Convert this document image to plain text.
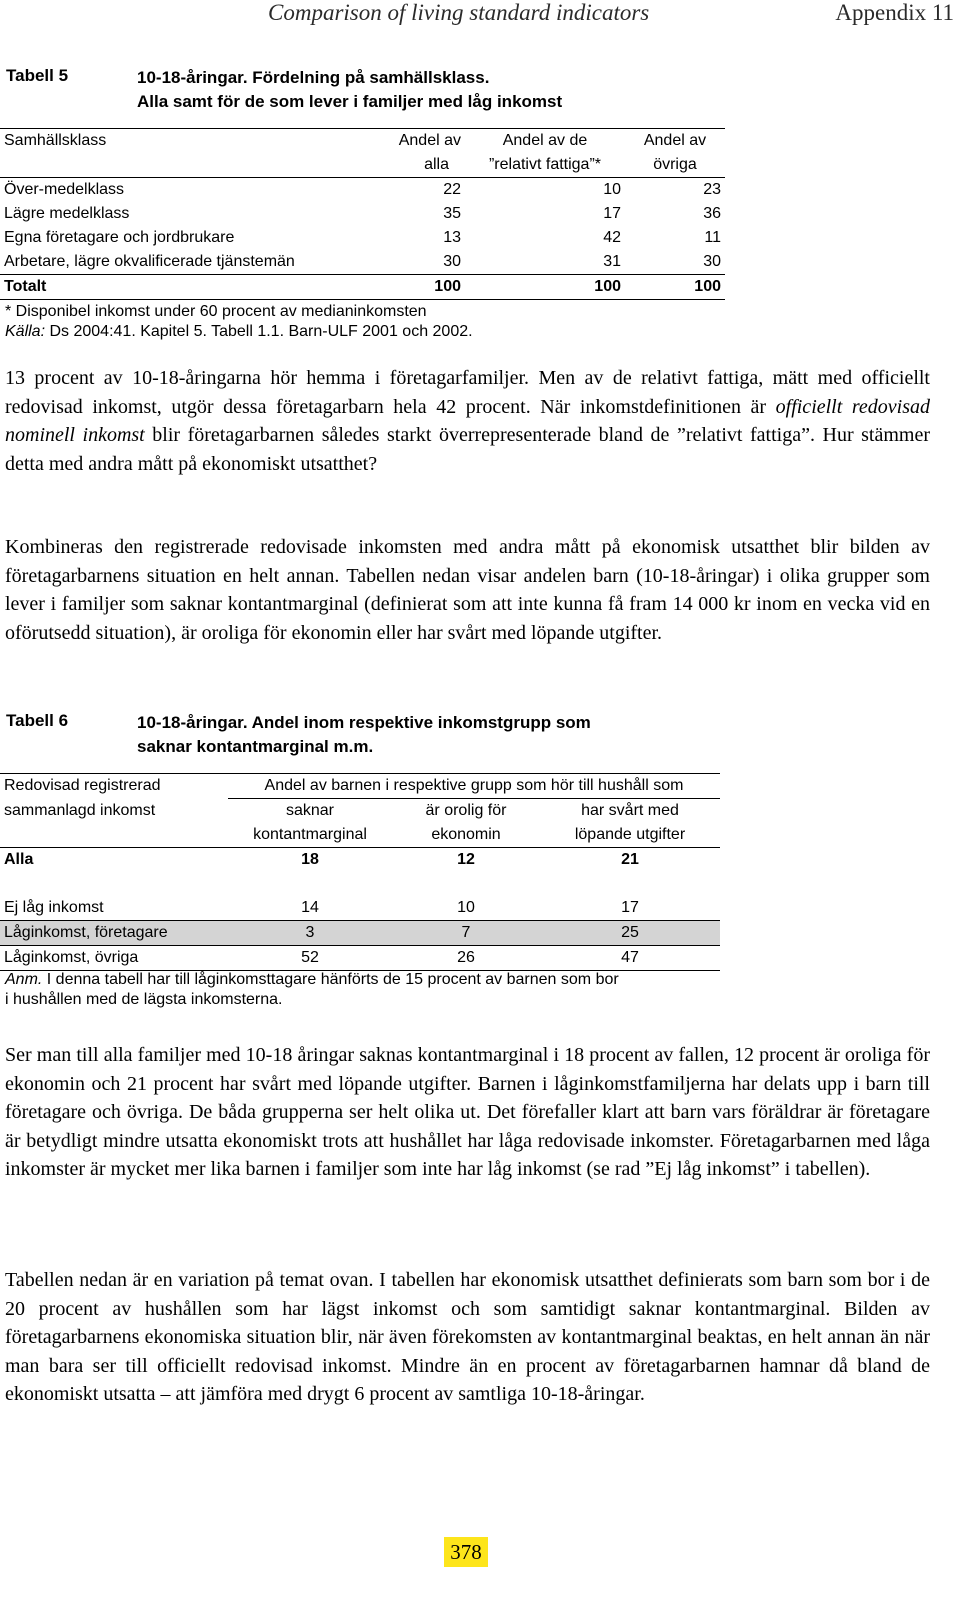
Comparison of living standard indicators	Appendix 11
Tabell 5	10-18-åringar. Fördelning på samhällsklass.
Alla samt för de som lever i familjer med låg inkomst
Samhällsklass	Andel av	Andel av de	Andel av
	alla	”relativt fattiga”*	övriga
Över-medelklass	22	10	23
Lägre medelklass	35	17	36
Egna företagare och jordbrukare	13	42	11
Arbetare, lägre okvalificerade tjänstemän	30	31	30
Totalt	100	100	100
* Disponibel inkomst under 60 procent av medianinkomsten
Källa: Ds 2004:41. Kapitel 5. Tabell 1.1. Barn-ULF 2001 och 2002.
13 procent av 10-18-åringarna hör hemma i företagarfamiljer. Men av de relativt fattiga, mätt med officiellt redovisad inkomst, utgör dessa företagarbarn hela 42 procent. När inkomstdefinitionen är officiellt redovisad nominell inkomst blir företagarbarnen således starkt överrepresenterade bland de ”relativt fattiga”. Hur stämmer detta med andra mått på ekonomiskt utsatthet?
Kombineras den registrerade redovisade inkomsten med andra mått på ekonomisk utsatthet blir bilden av företagarbarnens situation en helt annan. Tabellen nedan visar andelen barn (10-18-åringar) i olika grupper som lever i familjer som saknar kontantmarginal (definierat som att inte kunna få fram 14 000 kr inom en vecka vid en oförutsedd situation), är oroliga för ekonomin eller har svårt med löpande utgifter.
Tabell 6	10-18-åringar. Andel inom respektive inkomstgrupp som
saknar kontantmarginal m.m.
Redovisad registrerad	Andel av barnen i respektive grupp som hör till hushåll som		
sammanlagd inkomst	saknar	är orolig för	har svårt med
	kontantmarginal	ekonomin	löpande utgifter
Alla	18	12	21

Ej låg inkomst	14	10	17
Låginkomst, företagare	3	7	25
Låginkomst, övriga	52	26	47
Anm. I denna tabell har till låginkomsttagare hänförts de 15 procent av barnen som bor
i hushållen med de lägsta inkomsterna.
Ser man till alla familjer med 10-18 åringar saknas kontantmarginal i 18 procent av fallen, 12 procent är oroliga för ekonomin och 21 procent har svårt med löpande utgifter. Barnen i låginkomstfamiljerna har delats upp i barn till företagare och övriga. De båda grupperna ser helt olika ut. Det förefaller klart att barn vars föräldrar är företagare är betydligt mindre utsatta ekonomiskt trots att hushållet har låga redovisade inkomster. Företagarbarnen med låga inkomster är mycket mer lika barnen i familjer som inte har låg inkomst (se rad ”Ej låg inkomst” i tabellen).
Tabellen nedan är en variation på temat ovan. I tabellen har ekonomisk utsatthet definierats som barn som bor i de 20 procent av hushållen som har lägst inkomst och som samtidigt saknar kontantmarginal. Bilden av företagarbarnens ekonomiska situation blir, när även förekomsten av kontantmarginal beaktas, en helt annan än när man bara ser till officiellt redovisad inkomst. Mindre än en procent av företagarbarnen hamnar då bland de ekonomiskt utsatta – att jämföra med drygt 6 procent av samtliga 10-18-åringar.
378
